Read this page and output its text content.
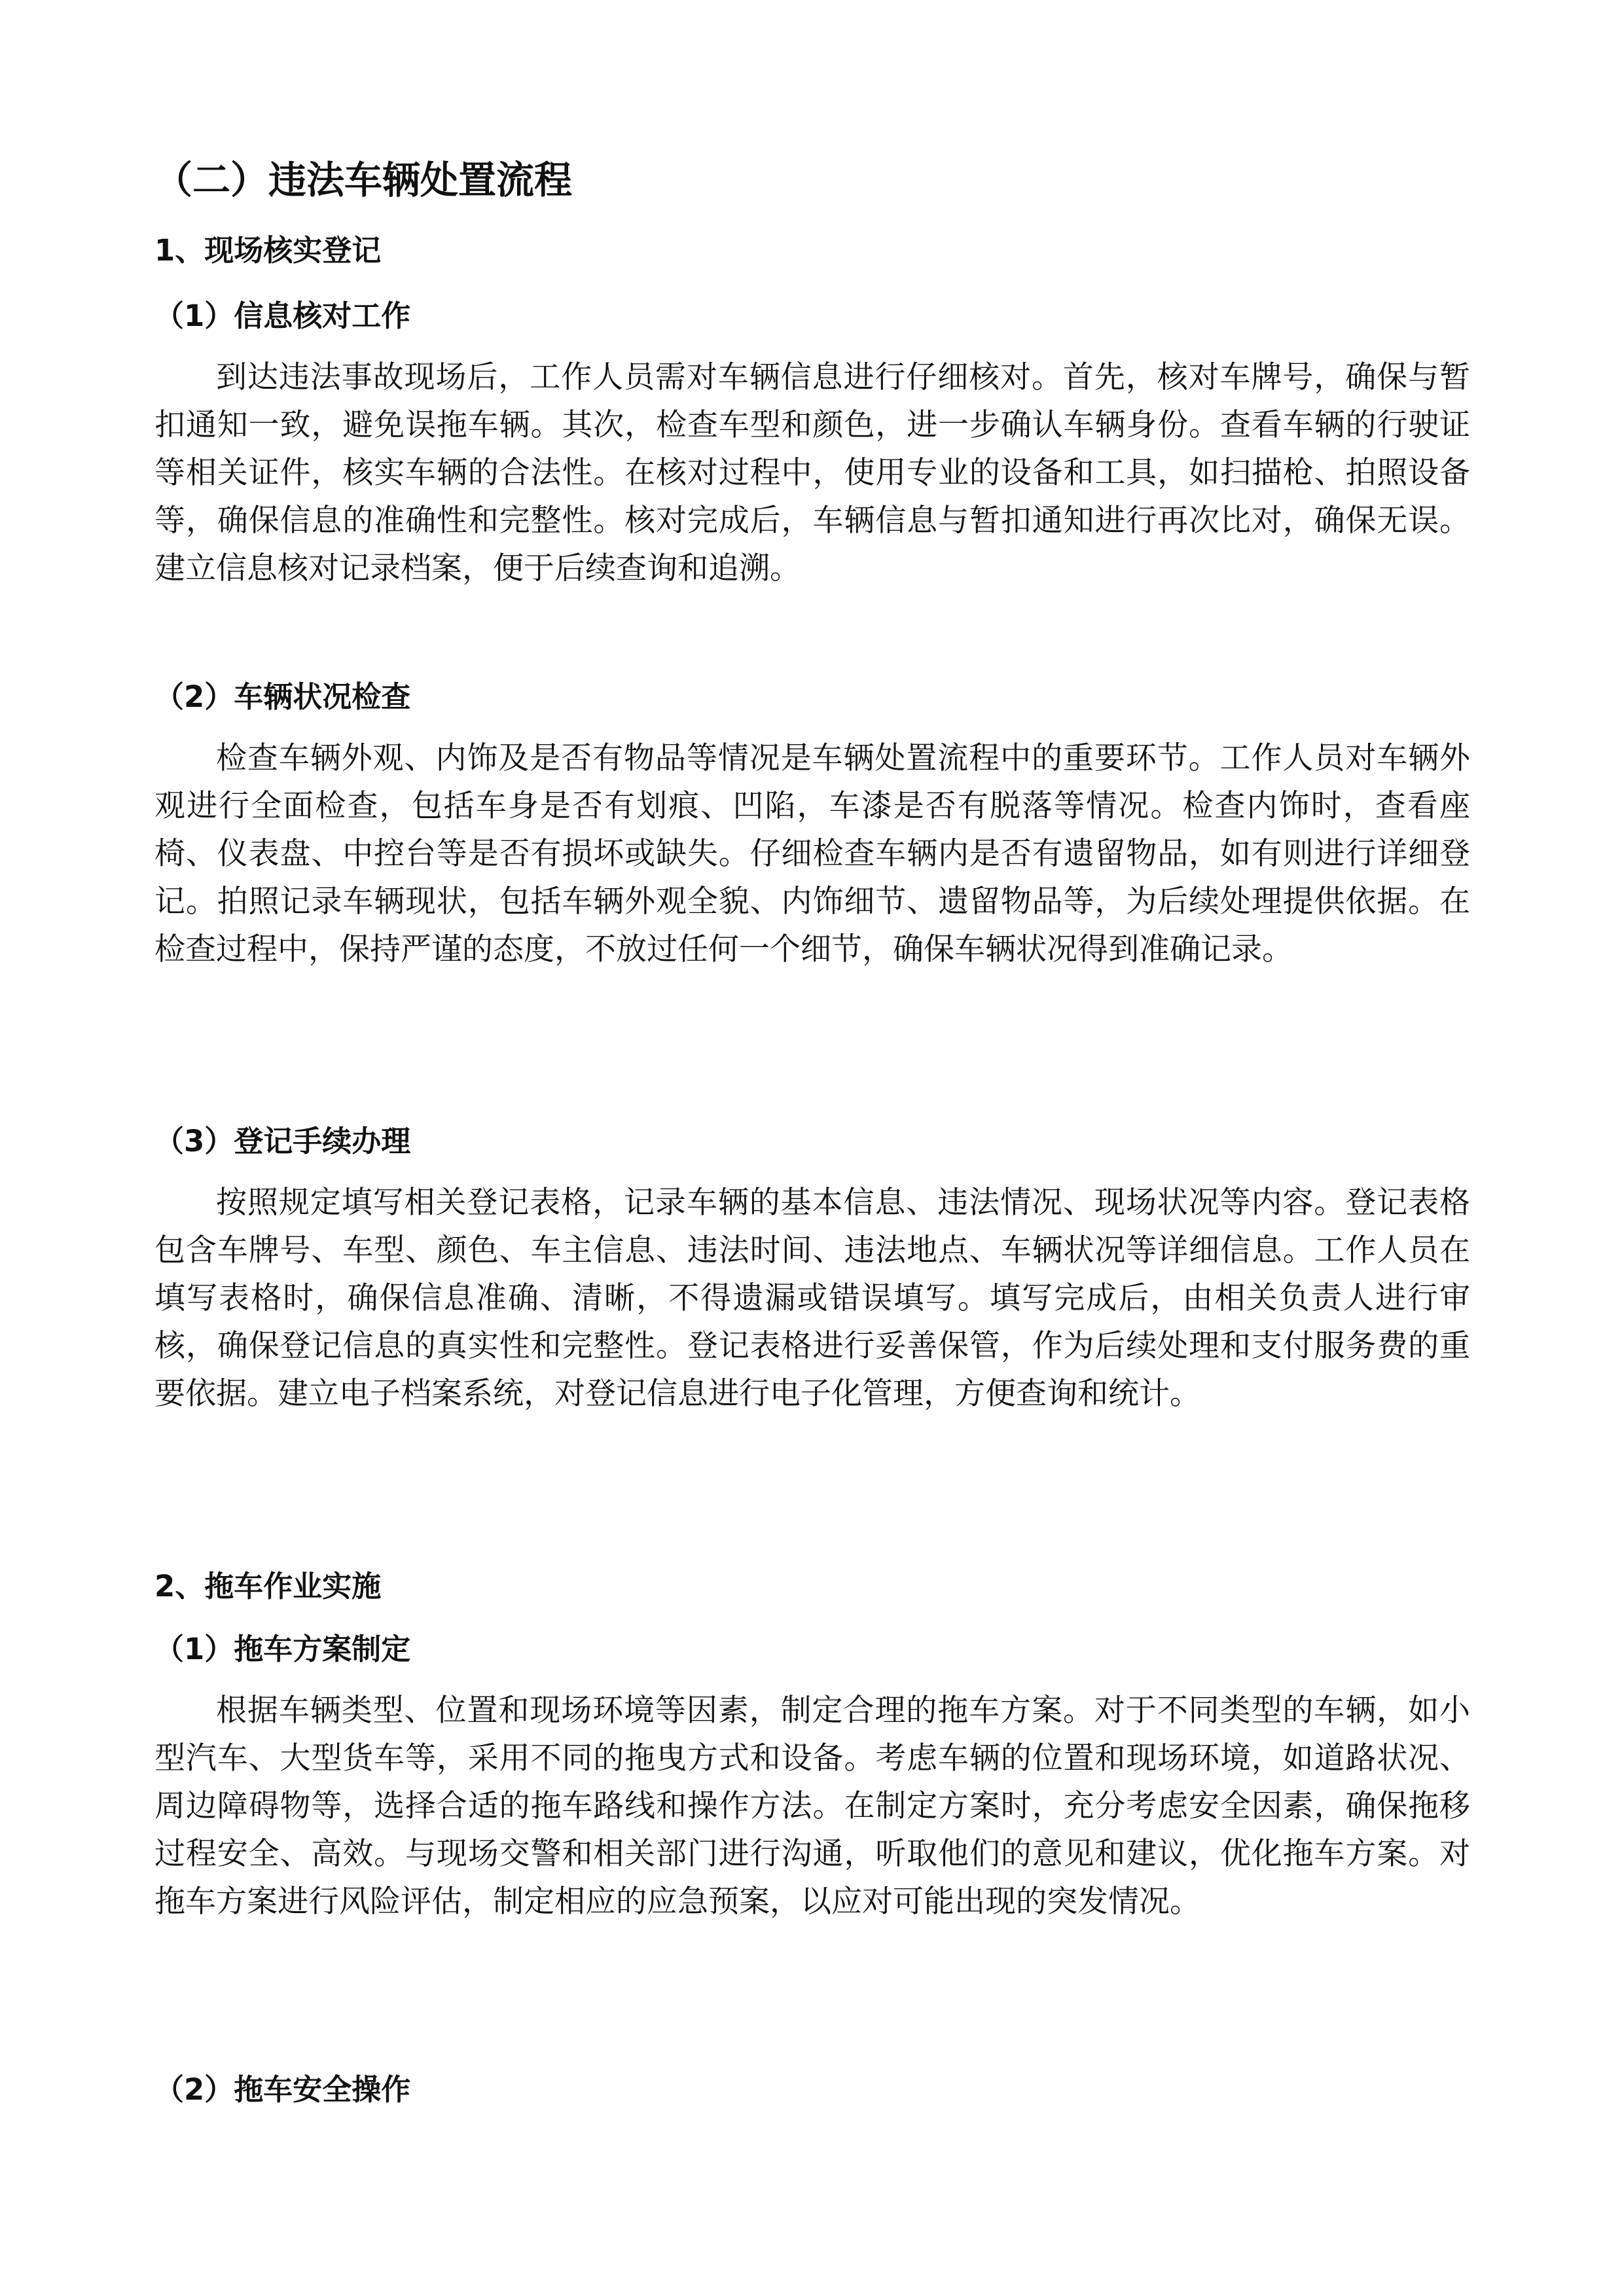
（二）违法车辆处置流程
1、现场核实登记
（1）信息核对工作
到达违法事故现场后，工作人员需对车辆信息进行仔细核对。首先，核对车牌号，确保与暂扣通知一致，避免误拖车辆。其次，检查车型和颜色，进一步确认车辆身份。查看车辆的行驶证等相关证件，核实车辆的合法性。在核对过程中，使用专业的设备和工具，如扫描枪、拍照设备等，确保信息的准确性和完整性。核对完成后，车辆信息与暂扣通知进行再次比对，确保无误。建立信息核对记录档案，便于后续查询和追溯。
（2）车辆状况检查
检查车辆外观、内饰及是否有物品等情况是车辆处置流程中的重要环节。工作人员对车辆外观进行全面检查，包括车身是否有划痕、凹陷，车漆是否有脱落等情况。检查内饰时，查看座椅、仪表盘、中控台等是否有损坏或缺失。仔细检查车辆内是否有遗留物品，如有则进行详细登记。拍照记录车辆现状，包括车辆外观全貌、内饰细节、遗留物品等，为后续处理提供依据。在检查过程中，保持严谨的态度，不放过任何一个细节，确保车辆状况得到准确记录。
（3）登记手续办理
按照规定填写相关登记表格，记录车辆的基本信息、违法情况、现场状况等内容。登记表格包含车牌号、车型、颜色、车主信息、违法时间、违法地点、车辆状况等详细信息。工作人员在填写表格时，确保信息准确、清晰，不得遗漏或错误填写。填写完成后，由相关负责人进行审核，确保登记信息的真实性和完整性。登记表格进行妥善保管，作为后续处理和支付服务费的重要依据。建立电子档案系统，对登记信息进行电子化管理，方便查询和统计。
2、拖车作业实施
（1）拖车方案制定
根据车辆类型、位置和现场环境等因素，制定合理的拖车方案。对于不同类型的车辆，如小型汽车、大型货车等，采用不同的拖曳方式和设备。考虑车辆的位置和现场环境，如道路状况、周边障碍物等，选择合适的拖车路线和操作方法。在制定方案时，充分考虑安全因素，确保拖移过程安全、高效。与现场交警和相关部门进行沟通，听取他们的意见和建议，优化拖车方案。对拖车方案进行风险评估，制定相应的应急预案，以应对可能出现的突发情况。
（2）拖车安全操作
